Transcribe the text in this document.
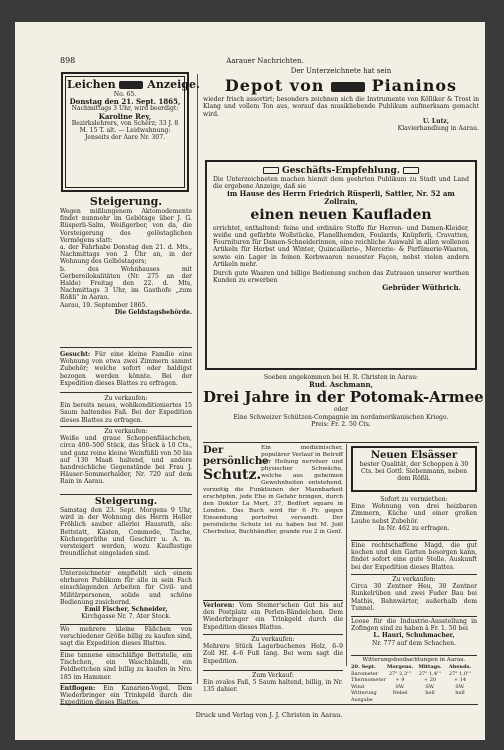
898	Aarauer Nachrichten.
Leichen	Anzeige.
No. 65.
Donstag den 21. Sept. 1865,
Nachmittags 3 Uhr, wird beerdigt:
Karoline Rey,
Bezirkslehrers, von Scherz; 33 J. 8 M. 15 T. alt. — Leidwahnung: Jenseits der Aare Nr. 307.
Steigerung.
Wegen mißlungenem Aktomodemente findet nunmehr im Gebötage über J. G. Rüsperli-Salm, Weißgerber, von da, die Versteigerung des gelöstaglichen Vermögens statt:
a. der Fahrhabe Donstag den 21. d. Mts., Nachmittags von 2 Uhr an, in der Wohnung des Gelböstagers;
b. des Wohnhauses mit Gerbereilokalitäten (Nr. 275 an der Halde) Freitag den 22. d. Mts, Nachmittags 3 Uhr, im Gasthofe „zum Rößli“ in Aarau.
Aarau, 19. September 1865.
Die Geldstagsbehörde.
Gesucht: Für eine kleine Familie eine Wohnung von etwa zwei Zimmern sammt Zubehör; welche sofort oder baldigst bezogen werden könnte. Bei der Expedition dieses Blattes zu erfragen.
Zu verkaufen:
Ein bereits neues, wohlkonditioniertes 15 Saum haltendes Faß. Bei der Expedition dieses Blattes zu erfragen.
Zu verkaufen:
Weiße und graue Schoppenfläschchen, circa 400–500 Stück, das Stück à 10 Cts., und ganz reine kleine Weinfüßli von 50 bis auf 130 Maaß haltend, und andere handreichliche Gegenstände bei Frau J. Häuser-Sommerhalder, Nr. 720 auf dem Rain in Aarau.
Steigerung.
Samstag den 23. Sept. Morgens 9 Uhr, wird in der Wohnung des Herrn Heller Fröhlich sauber allerlei Hausrath, als: Bettstatt, Kästen, Commode, Tische, Küchengeräthe und Geschirr u. A. m. versteigert werden, wozu Kauflustige freundlichst eingeladen sind.
Unterzeichneter empfiehlt sich einem ehrbaren Publikum für alle in sein Fach einschlagenden Arbeiten für Civil- und Militärpersonen, solide und schöne Bedienung zusichernd.
Emil Fischer, Schneider,
Kirchgasse Nr. 7. Ater Stock.
Wo mehrere kleine Fäßchen von verschiedener Größe billig zu kaufen sind, sagt die Expedition dieses Blattes.
Eine tannene einschläfige Bettstelle, ein Tischchen, ein Waschhändli, ein Feldbettchen sind billig zu kaufen in Nro. 185 im Hammer.
Entflogen: Ein Kanarien-Vogel. Dem Wiederbringer ein Trinkgeld durch die Expedition dieses Blattes.
Der Unterzeichnete hat sein
Depot von	Pianinos
wieder frisch assortirt; besonders zeichnen sich die Instrumente von Kölliker & Trost in Klang und vollem Ton aus, worauf das musikliebende Publikum aufmerksam gemacht wird.
U. Lutz,
Klavierhandlung in Aarau.
Geschäfts-Empfehlung.
Die Unterzeichneten machen hiemit dem geehrten Publikum zu Stadt und Land die ergebene Anzeige, daß sie
im Hause des Herrn Friedrich Rüsperli, Sattler, Nr. 52 am Zollrain,
einen neuen Kaufladen
errichtet, enthaltend: feine und ordinäre Stoffe für Herren- und Damen-Kleider, weiße und gefärbte Wollstücke, Flanellhemden, Foulards, Knüpferli, Cravatten, Fournituren für Damen-Schneiderinnen, eine reichliche Auswahl in allen wollenen Artikeln für Herbst und Winter, Quincaillerie-, Mercerie- & Parfümerie-Waaren, sowie ein Lager in feinen Korbwaaren neuester Façon, nebst vielen andern Artikeln mehr.
Durch gute Waaren und billige Bedienung suchen das Zutrauen unserer werthen Kunden zu erwerben
Gebrüder Wüthrich.
Soeben angekommen bei H. R. Christen in Aarau:
Rud. Aschmann,
Drei Jahre in der Potomak-Armee
oder
Eine Schweizer Schützen-Compagnie im nordamerikanischen Kriege.
Preis: Fr. 2. 50 Cts.
Der
persönliche
Schutz.
Ein medizinischer, populärer Verlauf in Betreff der Heilung nervöser und physischer Schwäche, welche aus geheimen Gewohnheiten entstehend, vorzeitig die Funktionen der Mannbarkeit erschöpfen, jede Ehe in Gefahr bringen, durch den Doktor La Mert, 37, Bedfort square in London. Das Buch wird für 6 Fr. gegen Einsendung portofrei versandt. Der persönliche Schutz ist zu haben bei M. Joël Cherbuliez, Buchhändler, grande rue 2 in Genf.
Verloren: Vom Steiner'schen Gut bis auf den Postplatz ein Perlen-Bändelchen. Dem Wiederbringer ein Trinkgeld durch die Expedition dieses Blattes.
Zu verkaufen:
Mehrere Stück Lagerbuchenes Holz, 6–9 Zoll Hf. 4–6 Fuß lang. Bei wem sagt die Expedition.
Zum Verkauf:
Ein ovales Faß, 5 Saum haltend, billig, in Nr. 135 dahier.
Neuen Elsässer
bester Qualität, der Schoppen à 30 Cts. bei Gottl. Siebenmann, neben dem Rößli.
Sofort zu vermiethen:
Eine Wohnung von drei heizbaren Zimmern, Küche und einer großen Laube nebst Zubehör.
In Nr. 462 zu erfragen.
Eine rechtschaffene Magd, die gut kochen und den Garten besorgen kann, findet sofort eine gute Stelle. Auskunft bei der Expedition dieses Blattes.
Zu verkaufen:
Circa 30 Zentner Heu, 30 Zentner Runkelrüben und zwei Fuder Bau bei Mathis, Bahnwärter, außerhalb dem Tunnel.
Loose für die Industrie-Ausstellung in Zofingen sind zu haben à Fr. 1. 50 bei
L. Hauri, Schuhmacher,
Nr. 777 auf dem Schachen.
Witterungsbeobachtungen in Aarau.
20. Sept.	Morgens.	Mittags.	Abends.
Barometer	27" 2,3'''	27" 1,4'''	27" 1,0'''
Thermometer	+ 9	+ 20	+ 14
Wind	SW.	SW.	SW.
Witterung	Nebel	hell	hell
Ausgabe
Druck und Verlag von J. J. Christen in Aarau.
